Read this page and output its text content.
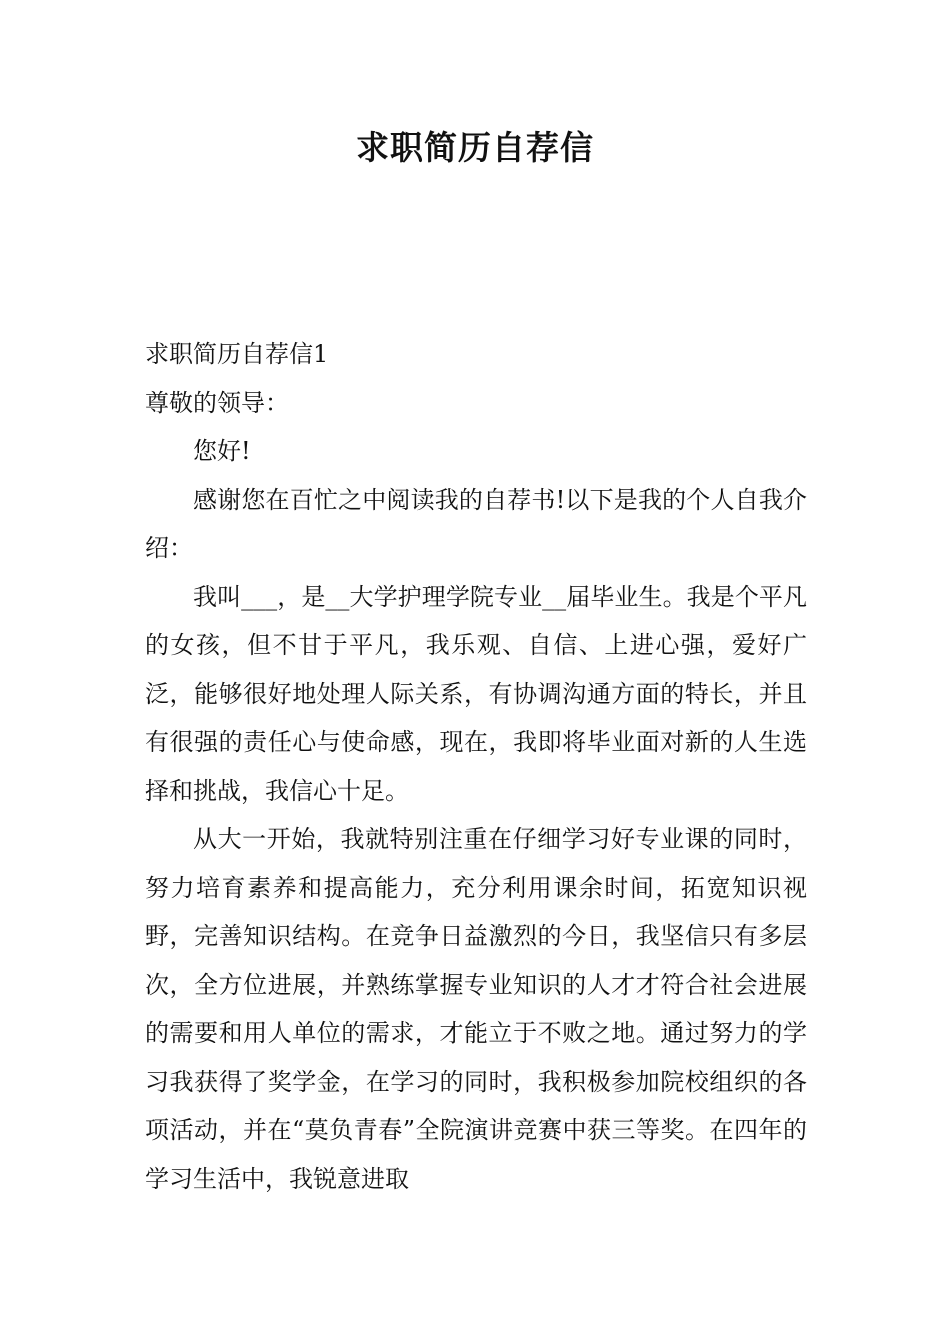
求职简历自荐信

求职简历自荐信1

尊敬的领导：

您好!

感谢您在百忙之中阅读我的自荐书!以下是我的个人自我介绍：

我叫___，是__大学护理学院专业__届毕业生。我是个平凡的女孩，但不甘于平凡，我乐观、自信、上进心强，爱好广泛，能够很好地处理人际关系，有协调沟通方面的特长，并且有很强的责任心与使命感，现在，我即将毕业面对新的人生选择和挑战，我信心十足。

从大一开始，我就特别注重在仔细学习好专业课的同时，努力培育素养和提高能力，充分利用课余时间，拓宽知识视野，完善知识结构。在竞争日益激烈的今日，我坚信只有多层次，全方位进展，并熟练掌握专业知识的人才才符合社会进展的需要和用人单位的需求，才能立于不败之地。通过努力的学习我获得了奖学金，在学习的同时，我积极参加院校组织的各项活动，并在“莫负青春”全院演讲竞赛中获三等奖。在四年的学习生活中，我锐意进取
